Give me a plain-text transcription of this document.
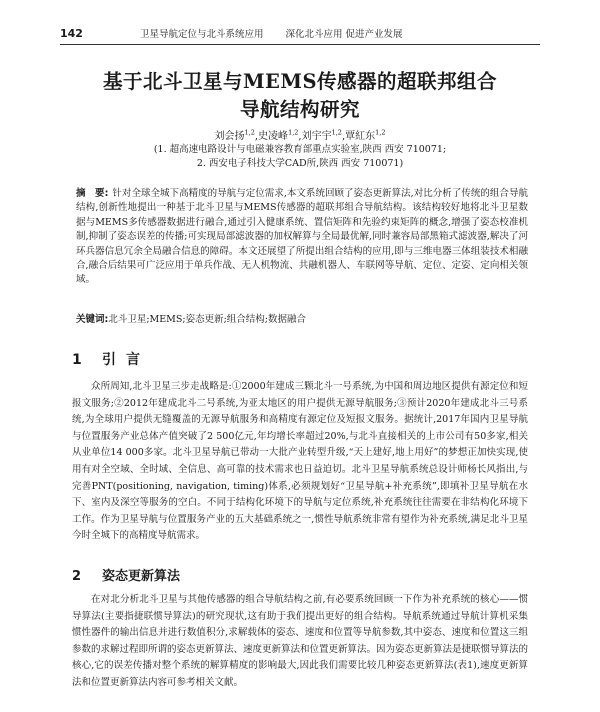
142	卫星导航定位与北斗系统应用
　 深化北斗应用 促进产业发展
基于北斗卫星与MEMS传感器的超联邦组合
导航结构研究
刘会扬$^{1,2}$,史凌峰$^{1,2}$,刘宇宇$^{1,2}$,覃紅东$^{1,2}$
(1. 超高速电路设计与电磁兼容教育部重点实验室,陕西 西安 710071;
2. 西安电子科技大学CAD所,陕西 西安 710071)
摘　要: 针对全球全城下高精度的导航与定位需求,本文系统回顾了姿态更新算法,对比分析了传统的组合导航结构,创新性地提出一种基于北斗卫星与MEMS传感器的超联邦组合导航结构。该结构较好地将北斗卫星数据与MEMS多传感器数据进行融合,通过引入健康系统、置信矩阵和先验约束矩阵的概念,增强了姿态校准机制,抑制了姿态误差的传播;可实现局部滤波器的加权解算与全局最优解,同时兼容局部黑箱式滤波器,解决了河环兵器信息冗余全局融合信息的障碍。本文还展望了所提出组合结构的应用,即与三维电器三体组装技术相融合,融合后结果可广泛应用于单兵作战、无人机物流、共融机器人、车联网等导航、定位、定姿、定向相关领域。
关键词:北斗卫星;MEMS;姿态更新;组合结构;数据融合
1 引言
众所周知,北斗卫星三步走战略是:①2000年建成三颗北斗一号系统,为中国和周边地区提供有源定位和短报文服务;②2012年建成北斗二号系统,为亚太地区的用户提供无源导航服务;③预计2020年建成北斗三号系统,为全球用户提供无缝覆盖的无源导航服务和高精度有源定位及短报文服务。据统计,2017年国内卫星导航与位置服务产业总体产值突破了2 500亿元,年均增长率超过20%,与北斗直接相关的上市公司有50多家,相关从业单位14 000多家。北斗卫星导航已带动一大批产业转型升级,“天上建好,地上用好”的梦想正加快实现,使用有对全空域、全时域、全信息、高可靠的技术需求也日益迫切。北斗卫星导航系统总设计师杨长风指出,与完善PNT(positioning, navigation, timing)体系,必须规划好“卫星导航+补充系统”,即填补卫星导航在水下、室内及深空等服务的空白。不同于结构化环境下的导航与定位系统,补充系统往往需要在非结构化环境下工作。作为卫星导航与位置服务产业的五大基础系统之一,惯性导航系统非常有望作为补充系统,满足北斗卫星今时全城下的高精度导航需求。
2 姿态更新算法
在对北分析北斗卫星与其他传感器的组合导航结构之前,有必要系统回顾一下作为补充系统的核心——惯导算法(主要指捷联惯导算法)的研究现状,这有助于我们提出更好的组合结构。导航系统通过导航计算机采集惯性器件的输出信息并进行数值积分,求解载体的姿态、速度和位置等导航参数,其中姿态、速度和位置这三组参数的求解过程即所谓的姿态更新算法、速度更新算法和位置更新算法。因为姿态更新算法是捷联惯导算法的核心,它的误差传播对整个系统的解算精度的影响最大,因此我们需要比较几种姿态更新算法(表1),速度更新算法和位置更新算法内容可参考相关文献。
